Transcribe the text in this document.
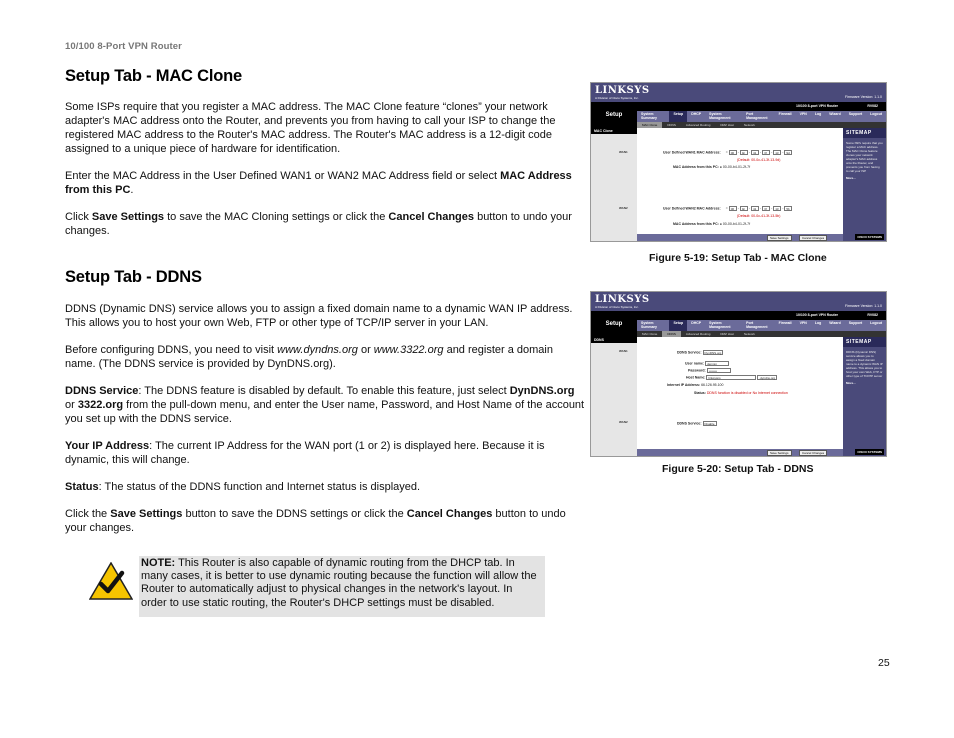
10/100 8-Port VPN Router
Setup Tab - MAC Clone

Some ISPs require that you register a MAC address. The MAC Clone feature “clones” your network adapter's MAC address onto the Router, and prevents you from having to call your ISP to change the registered MAC address to the Router's MAC address. The Router's MAC address is a 12-digit code assigned to a unique piece of hardware for identification.

Enter the MAC Address in the User Defined WAN1 or WAN2 MAC Address field or select MAC Address from this PC.

Click Save Settings to save the MAC Cloning settings or click the Cancel Changes button to undo your changes.

Setup Tab - DDNS

DDNS (Dynamic DNS) service allows you to assign a fixed domain name to a dynamic WAN IP address. This allows you to host your own Web, FTP or other type of TCP/IP server in your LAN.

Before configuring DDNS, you need to visit www.dyndns.org or www.3322.org and register a domain name. (The DDNS service is provided by DynDNS.org).

DDNS Service: The DDNS feature is disabled by default. To enable this feature, just select DynDNS.org or 3322.org from the pull-down menu, and enter the User name, Password, and Host Name of the account you set up with the DDNS service.

Your IP Address: The current IP Address for the WAN port (1 or 2) is displayed here. Because it is dynamic, this will change.

Status: The status of the DDNS function and Internet status is displayed.

Click the Save Settings button to save the DDNS settings or click the Cancel Changes button to undo your changes.

NOTE: This Router is also capable of dynamic routing from the DHCP tab. In many cases, it is better to use dynamic routing because the function will allow the Router to automatically adjust to physical changes in the network's layout. In order to use static routing, the Router's DHCP settings must be disabled.
LINKSYS
A Division of Cisco Systems, Inc.	Firmware Version: 1.1.0
Setup
10/100 8-port VPN Router	RV082
System Summary
Setup	DHCP	System Management
Port Management
Firewall	VPN	Log	Wizard	Support	Logout
MAC Clone	DDNS	Advanced Routing	DMZ Host	Network
MAC Clone
WAN1
WAN2
User Defined WAN1 MAC Address: ○ 00 - 0c - 41 - 3f - 13 - 9d
(Default: 00-0c-41-3f-13-9d)
MAC Address from this PC: ● 00-00-b4-01-2f-7f
User Defined WAN2 MAC Address: ○ 00 - 0c - 41 - 3f - 13 - 5b
(Default: 00-0c-41-3f-13-5b)
MAC Address from this PC: ● 00-00-b4-01-2f-7f
SITEMAP
Some ISPs require that you register a MAC address. The MAC Clone feature clones your network adapter's MAC address onto the Router, and prevents you from having to call your ISP
More...
CISCO SYSTEMS
Save Settings	Cancel Changes
Figure 5-19: Setup Tab - MAC Clone
LINKSYS
A Division of Cisco Systems, Inc.	Firmware Version: 1.1.0
Setup
10/100 8-port VPN Router	RV082
System Summary
Setup	DHCP	System Management
Port Management
Firewall	VPN	Log	Wizard	Support	Logout
MAC Clone	DDNS	Advanced Routing	DMZ Host	Network
DDNS
WAN1
WAN2
DDNS Service: DynDNS.org
User name: dennsn
Password: ••••••••
Host Name: linksysns	.dyndns.org
Internet IP Address: 66.126.95.100
Status: DDNS function is disabled or No Internet connection
DDNS Service: Disable
SITEMAP
DDNS (Dynamic DNS) service allows you to assign a fixed domain name to a dynamic WAN IP address. This allows you to host your own Web, FTP or other type of TCP/IP server
More...
CISCO SYSTEMS
Save Settings	Cancel Changes
Figure 5-20: Setup Tab - DDNS
25
